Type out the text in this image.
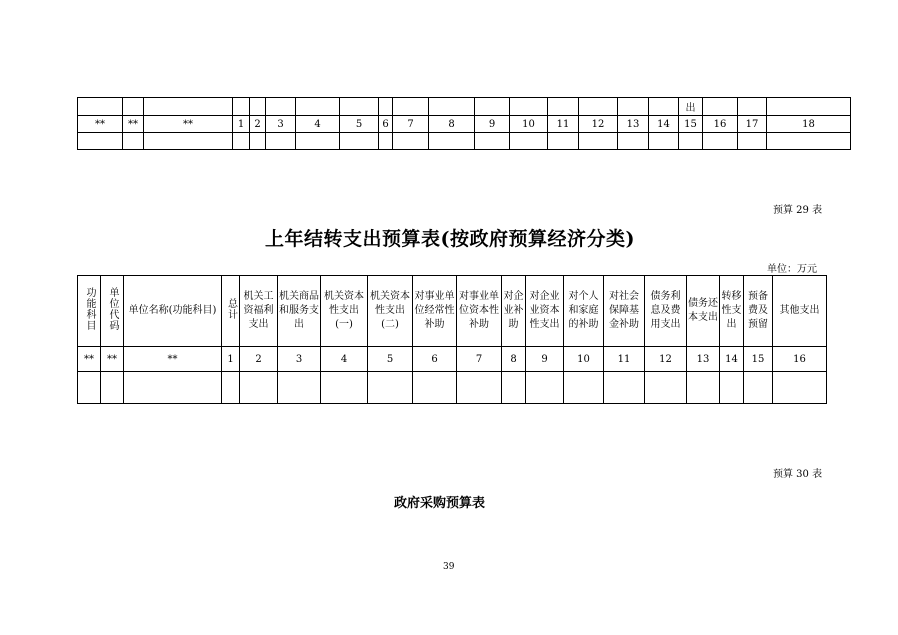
																	出			
**	**	**	1	2	3	4	5	6	7	8	9	10	11	12	13	14	15	16	17	18

预算 29 表
上年结转支出预算表(按政府预算经济分类)
单位：万元
功能科目	单位代码	单位名称(功能科目)	总计	机关工资福利支出	机关商品和服务支出	机关资本性支出(一)	机关资本性支出(二)	对事业单位经常性补助	对事业单位资本性补助	对企业补助	对企业业资本性支出	对个人和家庭的补助	对社会保障基金补助	债务利息及费用支出	债务还本支出	转移性支出	预备费及预留	其他支出
**	**	**	1	2	3	4	5	6	7	8	9	10	11	12	13	14	15	16

预算 30 表
政府采购预算表
39
